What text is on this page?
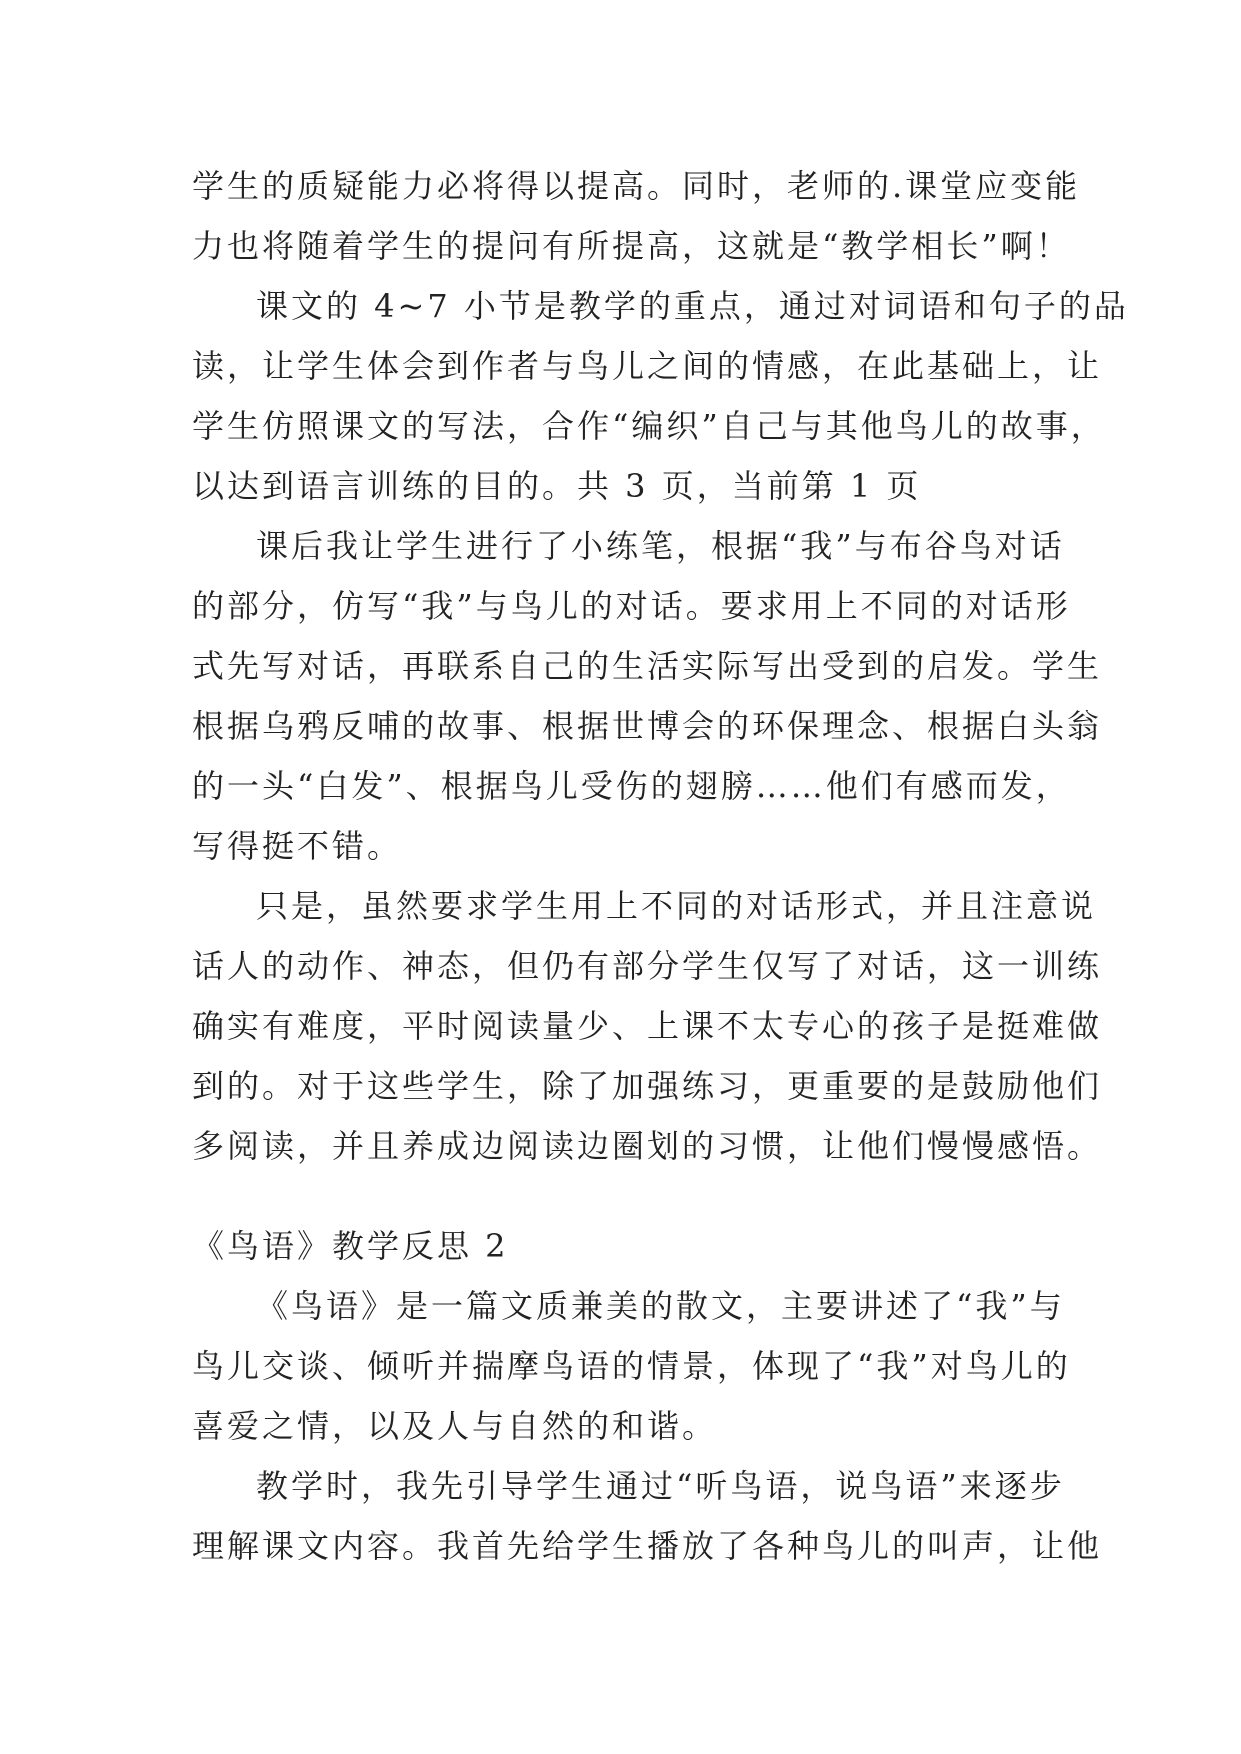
学生的质疑能力必将得以提高。同时，老师的.课堂应变能
力也将随着学生的提问有所提高，这就是“教学相长”啊！
课文的 4~7 小节是教学的重点，通过对词语和句子的品
读，让学生体会到作者与鸟儿之间的情感，在此基础上，让
学生仿照课文的写法，合作“编织”自己与其他鸟儿的故事，
以达到语言训练的目的。共 3 页，当前第 1 页
课后我让学生进行了小练笔，根据“我”与布谷鸟对话
的部分，仿写“我”与鸟儿的对话。要求用上不同的对话形
式先写对话，再联系自己的生活实际写出受到的启发。学生
根据乌鸦反哺的故事、根据世博会的环保理念、根据白头翁
的一头“白发”、根据鸟儿受伤的翅膀……他们有感而发，
写得挺不错。
只是，虽然要求学生用上不同的对话形式，并且注意说
话人的动作、神态，但仍有部分学生仅写了对话，这一训练
确实有难度，平时阅读量少、上课不太专心的孩子是挺难做
到的。对于这些学生，除了加强练习，更重要的是鼓励他们
多阅读，并且养成边阅读边圈划的习惯，让他们慢慢感悟。
《鸟语》教学反思 2
《鸟语》是一篇文质兼美的散文，主要讲述了“我”与
鸟儿交谈、倾听并揣摩鸟语的情景，体现了“我”对鸟儿的
喜爱之情，以及人与自然的和谐。
教学时，我先引导学生通过“听鸟语，说鸟语”来逐步
理解课文内容。我首先给学生播放了各种鸟儿的叫声，让他
